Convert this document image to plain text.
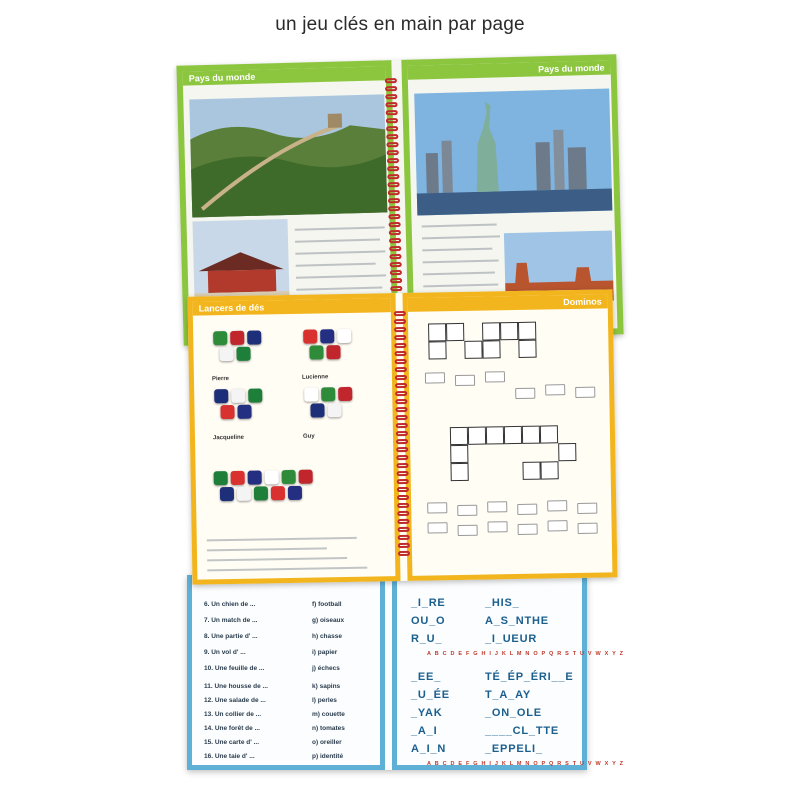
un jeu clés en main par page
Pays du monde
Pays du monde
6. Un chien de ...	f) football
7. Un match de ...	g) oiseaux
8. Une partie d' ...	h) chasse
9. Un vol d' ...	i) papier
10. Une feuille de ...	j) échecs
11. Une housse de ...	k) sapins
12. Une salade de ...	l) perles
13. Un collier de ...	m) couette
14. Une forêt de ...	n) tomates
15. Une carte d' ...	o) oreiller
16. Une taie d' ...	p) identité
_I_RE	_HIS_
OU_O	A_S_NTHE
R_U_	_I_UEUR
A B C D E F G H I J K L M N O P Q R S T U V W X Y Z
_EE_	TÉ_ÉP_ÉRI__E
_U_ÉE	T_A_AY
_YAK	_ON_OLE
_A_I	____CL_TTE
A_I_N	_EPPELI_
A B C D E F G H I J K L M N O P Q R S T U V W X Y Z
Lancers de dés
Pierre	Lucienne
Jacqueline	Guy
Dominos
